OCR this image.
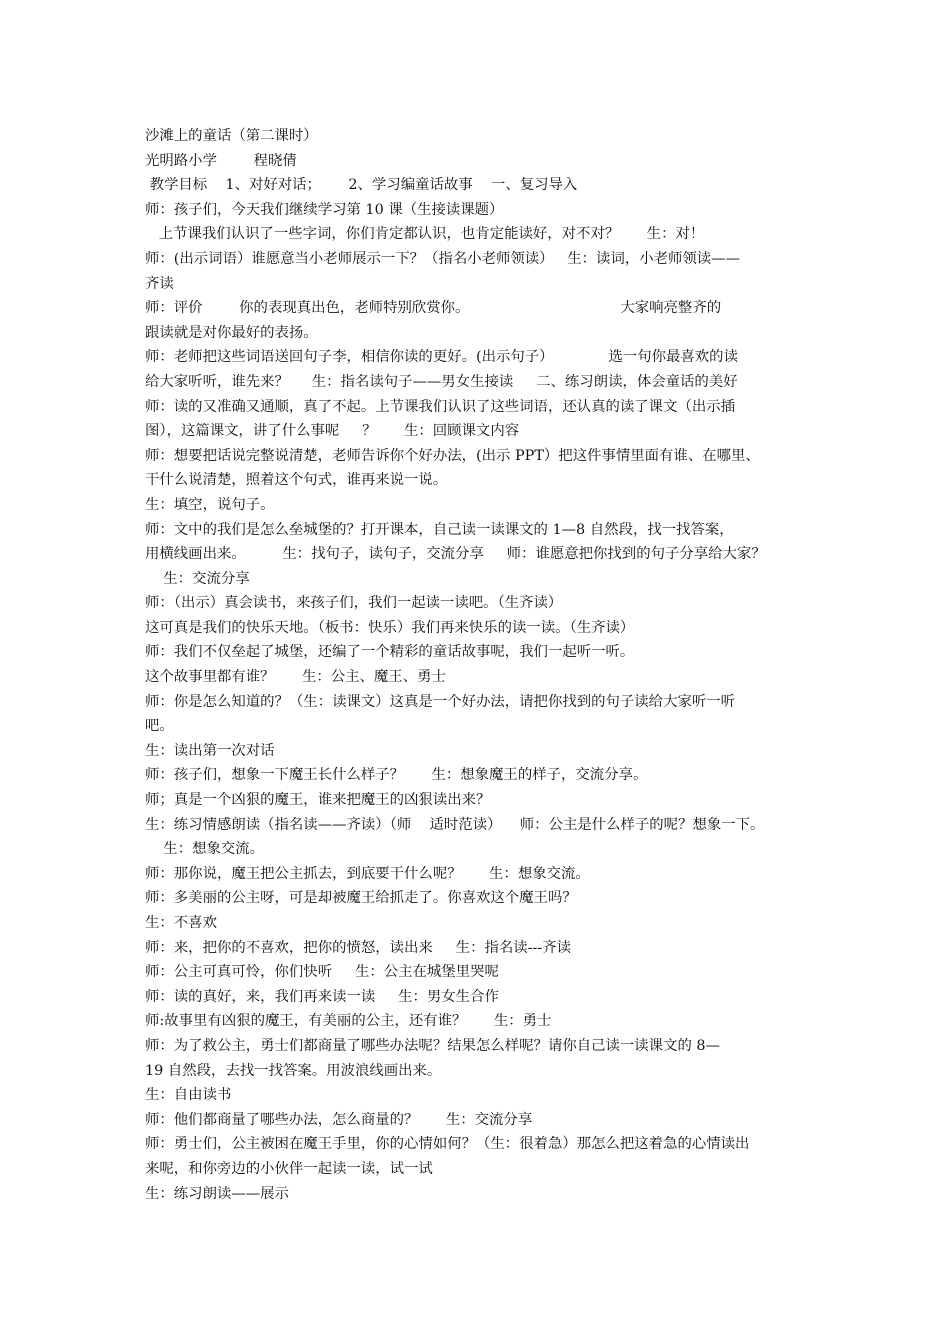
沙滩上的童话（第二课时）
光明路小学        程晓倩
教学目标    1、对好对话；      2、学习编童话故事    一、复习导入
师：孩子们，今天我们继续学习第 10 课（生接读课题）
上节课我们认识了一些字词，你们肯定都认识，也肯定能读好，对不对？      生：对！
师：(出示词语）谁愿意当小老师展示一下？（指名小老师领读）   生：读词，小老师领读——
齐读
师：评价        你的表现真出色，老师特别欣赏你。                                 大家响亮整齐的
跟读就是对你最好的表扬。
师：老师把这些词语送回句子李，相信你读的更好。(出示句子）            选一句你最喜欢的读
给大家听听，谁先来？     生：指名读句子——男女生接读     二、练习朗读，体会童话的美好
师：读的又准确又通顺，真了不起。上节课我们认识了这些词语，还认真的读了课文（出示插
图），这篇课文，讲了什么事呢     ？      生：回顾课文内容
师：想要把话说完整说清楚，老师告诉你个好办法，(出示 PPT）把这件事情里面有谁、在哪里、
干什么说清楚，照着这个句式，谁再来说一说。
生：填空，说句子。
师：文中的我们是怎么垒城堡的？打开课本，自己读一读课文的 1—8 自然段，找一找答案，
用横线画出来。        生：找句子，读句子，交流分享     师：谁愿意把你找到的句子分享给大家？
生：交流分享
师：（出示）真会读书，来孩子们，我们一起读一读吧。（生齐读）
这可真是我们的快乐天地。（板书：快乐）我们再来快乐的读一读。（生齐读）
师：我们不仅垒起了城堡，还编了一个精彩的童话故事呢，我们一起听一听。
这个故事里都有谁？      生：公主、魔王、勇士
师：你是怎么知道的？（生：读课文）这真是一个好办法，请把你找到的句子读给大家听一听
吧。
生：读出第一次对话
师：孩子们，想象一下魔王长什么样子？      生：想象魔王的样子，交流分享。
师；真是一个凶狠的魔王，谁来把魔王的凶狠读出来？
生：练习情感朗读（指名读——齐读）（师    适时范读）    师：公主是什么样子的呢？想象一下。
生：想象交流。
师：那你说，魔王把公主抓去，到底要干什么呢？      生：想象交流。
师：多美丽的公主呀，可是却被魔王给抓走了。你喜欢这个魔王吗？
生：不喜欢
师：来，把你的不喜欢，把你的愤怒，读出来     生：指名读---齐读
师：公主可真可怜，你们快听     生：公主在城堡里哭呢
师：读的真好，来，我们再来读一读     生：男女生合作
师:故事里有凶狠的魔王，有美丽的公主，还有谁？      生：勇士
师：为了救公主，勇士们都商量了哪些办法呢？结果怎么样呢？请你自己读一读课文的 8—
19 自然段，去找一找答案。用波浪线画出来。
生：自由读书
师：他们都商量了哪些办法，怎么商量的？      生：交流分享
师：勇士们，公主被困在魔王手里，你的心情如何？（生：很着急）那怎么把这着急的心情读出
来呢，和你旁边的小伙伴一起读一读，试一试
生：练习朗读——展示
